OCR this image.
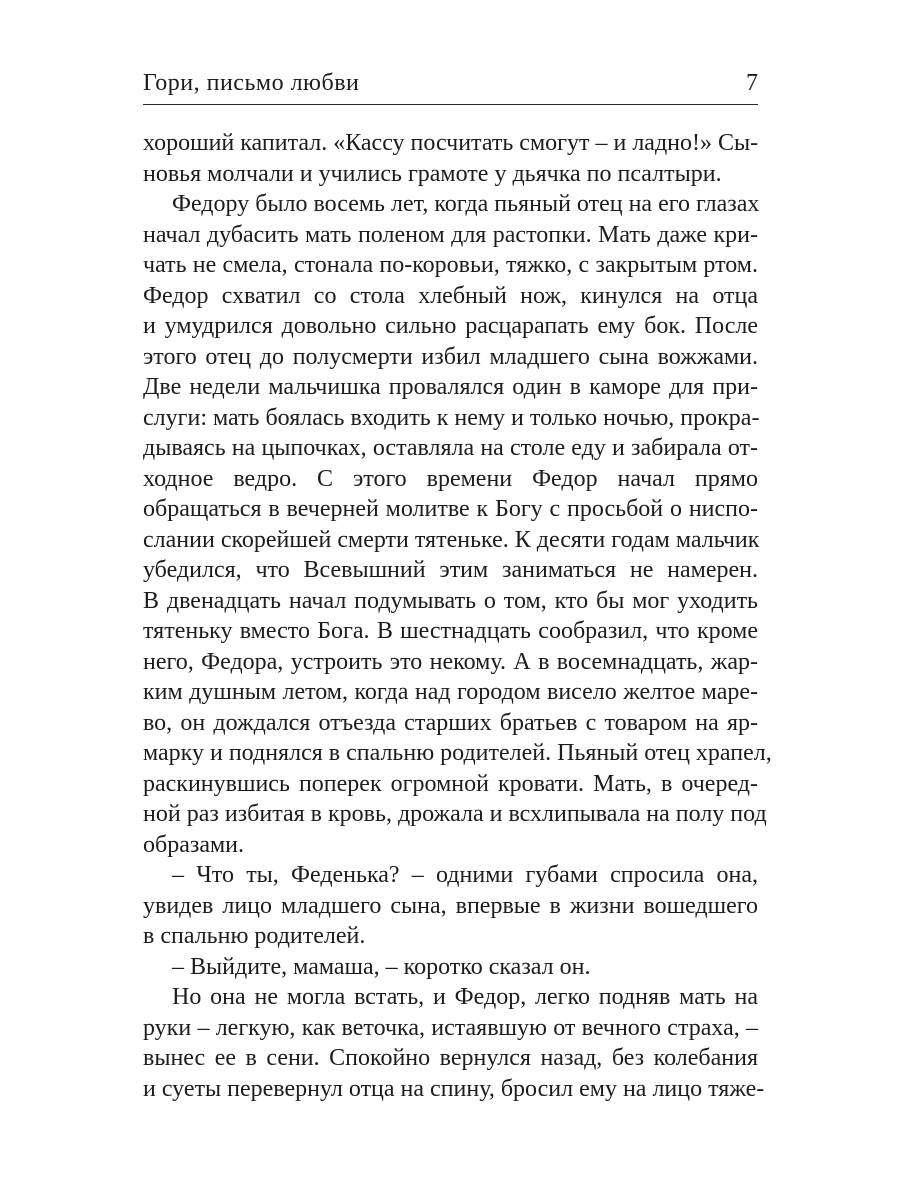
Гори, письмо любви	7
хороший капитал. «Кассу посчитать смогут – и ладно!» Сы-
новья молчали и учились грамоте у дьячка по псалтыри.
Федору было восемь лет, когда пьяный отец на его глазах
начал дубасить мать поленом для растопки. Мать даже кри-
чать не смела, стонала по-коровьи, тяжко, с закрытым ртом.
Федор схватил со стола хлебный нож, кинулся на отца
и умудрился довольно сильно расцарапать ему бок. После
этого отец до полусмерти избил младшего сына вожжами.
Две недели мальчишка провалялся один в каморе для при-
слуги: мать боялась входить к нему и только ночью, прокра-
дываясь на цыпочках, оставляла на столе еду и забирала от-
ходное ведро. С этого времени Федор начал прямо
обращаться в вечерней молитве к Богу с просьбой о ниспо-
слании скорейшей смерти тятеньке. К десяти годам мальчик
убедился, что Всевышний этим заниматься не намерен.
В двенадцать начал подумывать о том, кто бы мог уходить
тятеньку вместо Бога. В шестнадцать сообразил, что кроме
него, Федора, устроить это некому. А в восемнадцать, жар-
ким душным летом, когда над городом висело желтое маре-
во, он дождался отъезда старших братьев с товаром на яр-
марку и поднялся в спальню родителей. Пьяный отец храпел,
раскинувшись поперек огромной кровати. Мать, в очеред-
ной раз избитая в кровь, дрожала и всхлипывала на полу под
образами.
– Что ты, Феденька? – одними губами спросила она,
увидев лицо младшего сына, впервые в жизни вошедшего
в спальню родителей.
– Выйдите, мамаша, – коротко сказал он.
Но она не могла встать, и Федор, легко подняв мать на
руки – легкую, как веточка, истаявшую от вечного страха, –
вынес ее в сени. Спокойно вернулся назад, без колебания
и суеты перевернул отца на спину, бросил ему на лицо тяже-
